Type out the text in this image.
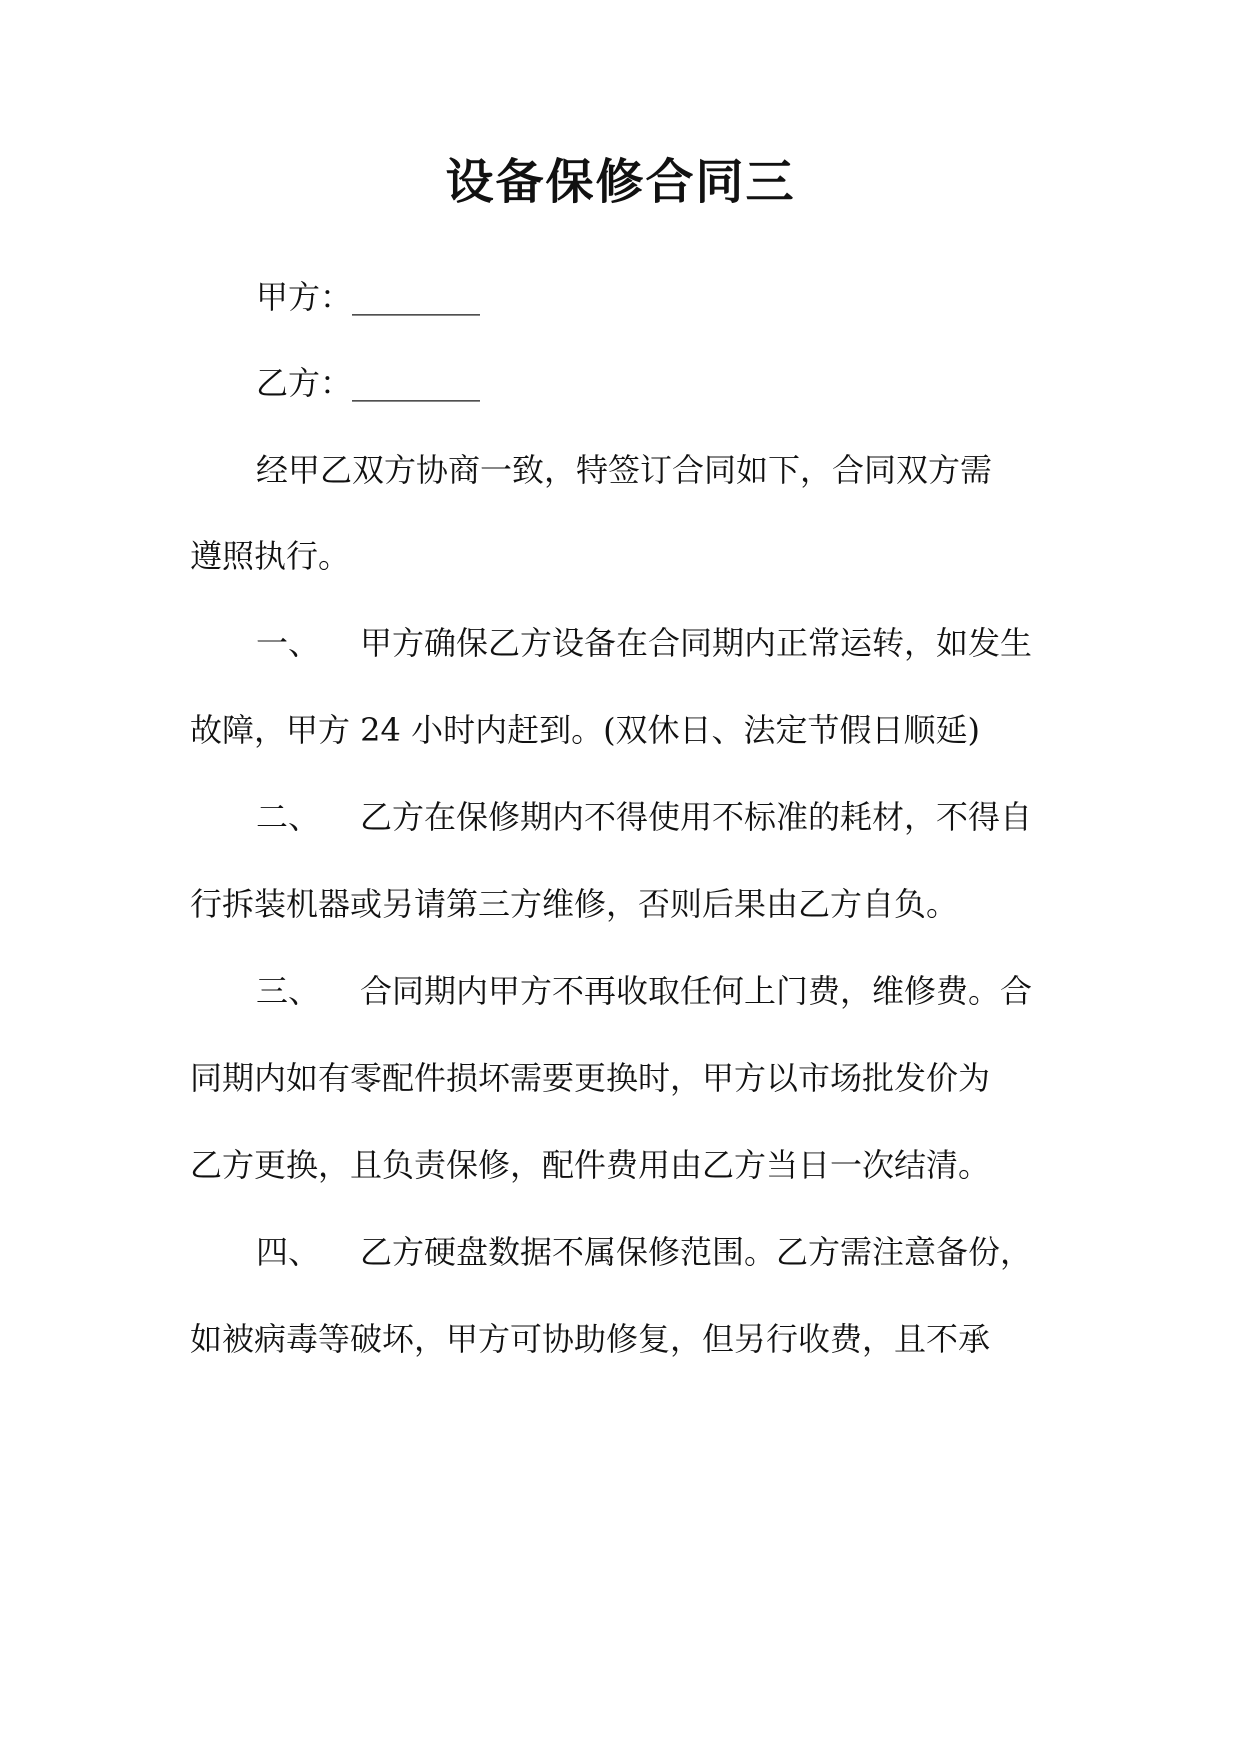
设备保修合同三

甲方：________

乙方：________

经甲乙双方协商一致，特签订合同如下，合同双方需

遵照执行。

一、 甲方确保乙方设备在合同期内正常运转，如发生

故障，甲方 24 小时内赶到。(双休日、法定节假日顺延)

二、 乙方在保修期内不得使用不标准的耗材，不得自

行拆装机器或另请第三方维修，否则后果由乙方自负。

三、 合同期内甲方不再收取任何上门费，维修费。合

同期内如有零配件损坏需要更换时，甲方以市场批发价为

乙方更换，且负责保修，配件费用由乙方当日一次结清。

四、 乙方硬盘数据不属保修范围。乙方需注意备份，

如被病毒等破坏，甲方可协助修复，但另行收费，且不承
